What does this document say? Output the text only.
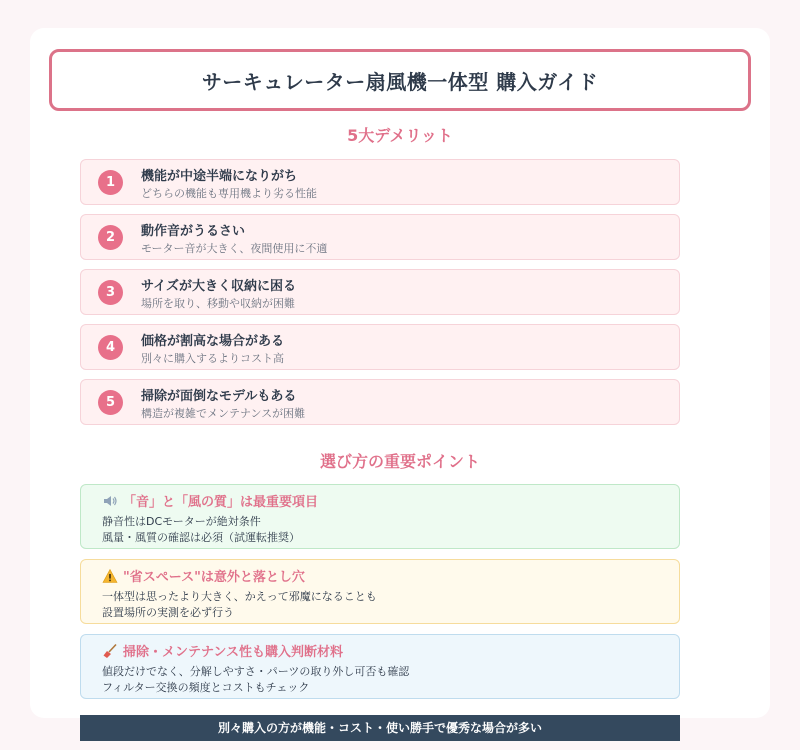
サーキュレーター扇風機一体型 購入ガイド
5大デメリット
1	機能が中途半端になりがち
どちらの機能も専用機より劣る性能
2	動作音がうるさい
モーター音が大きく、夜間使用に不適
3	サイズが大きく収納に困る
場所を取り、移動や収納が困難
4	価格が割高な場合がある
別々に購入するよりコスト高
5	掃除が面倒なモデルもある
構造が複雑でメンテナンスが困難
選び方の重要ポイント
「音」と「風の質」は最重要項目
静音性はDCモーターが絶対条件
風量・風質の確認は必須（試運転推奨）
"省スペース"は意外と落とし穴
一体型は思ったより大きく、かえって邪魔になることも
設置場所の実測を必ず行う
掃除・メンテナンス性も購入判断材料
値段だけでなく、分解しやすさ・パーツの取り外し可否も確認
フィルター交換の頻度とコストもチェック
別々購入の方が機能・コスト・使い勝手で優秀な場合が多い
